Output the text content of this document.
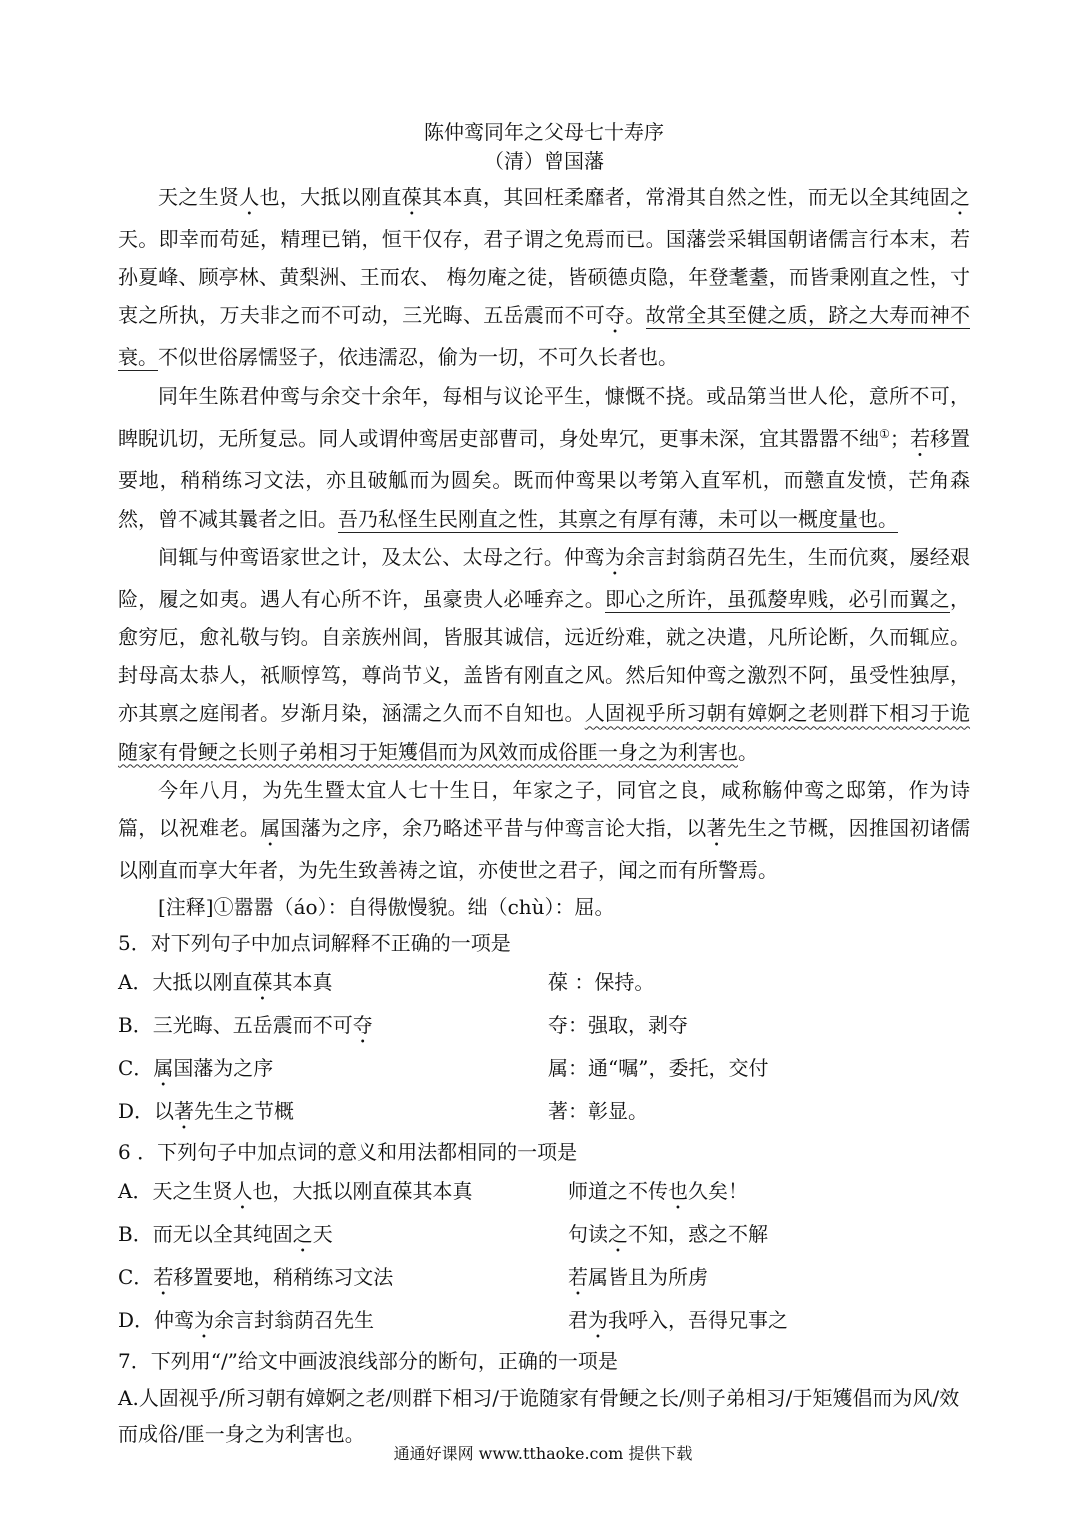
陈仲鸾同年之父母七十寿序
（清）曾国藩

天之生贤人也，大抵以刚直葆其本真，其回枉柔靡者，常滑其自然之性，而无以全其纯固之天。即幸而苟延，精理已销，恒干仅存，君子谓之免焉而已。国藩尝采辑国朝诸儒言行本末，若孙夏峰、顾亭林、黄梨洲、王而农、 梅勿庵之徒，皆硕德贞隐，年登耄耋，而皆秉刚直之性，寸衷之所执，万夫非之而不可动，三光晦、五岳震而不可夺。故常全其至健之质，跻之大寿而神不衰。不似世俗孱懦竖子，依违濡忍，偷为一切，不可久长者也。

同年生陈君仲鸾与余交十余年，每相与议论平生，慷慨不挠。或品第当世人伦，意所不可，睥睨讥切，无所复忌。同人或谓仲鸾居吏部曹司，身处卑冗，更事未深，宜其嚣嚣不绌①；若移置要地，稍稍练习文法，亦且破觚而为圆矣。既而仲鸾果以考第入直军机，而戆直发愤，芒角森然，曾不减其曩者之旧。吾乃私怪生民刚直之性，其禀之有厚有薄，未可以一概度量也。

间辄与仲鸾语家世之计，及太公、太母之行。仲鸾为余言封翁荫召先生，生而伉爽，屡经艰险，履之如夷。遇人有心所不许，虽豪贵人必唾弃之。即心之所许，虽孤嫠卑贱，必引而翼之，愈穷厄，愈礼敬与钧。自亲族州闾，皆服其诚信，远近纷难，就之决遣，凡所论断，久而辄应。封母高太恭人，祇顺惇笃，尊尚节义，盖皆有刚直之风。然后知仲鸾之激烈不阿，虽受性独厚，亦其禀之庭闱者。岁渐月染，涵濡之久而不自知也。人固视乎所习朝有嫜婀之老则群下相习于诡随家有骨鲠之长则子弟相习于矩矱倡而为风效而成俗匪一身之为利害也。

今年八月，为先生暨太宜人七十生日，年家之子，同官之良，咸称觞仲鸾之邸第，作为诗篇，以祝难老。属国藩为之序，余乃略述平昔与仲鸾言论大指，以著先生之节概，因推国初诸儒以刚直而享大年者，为先生致善祷之谊，亦使世之君子，闻之而有所警焉。

[注释]①嚣嚣（áo）：自得傲慢貌。绌（chù）：屈。

5．对下列句子中加点词解释不正确的一项是

A．大抵以刚直葆其本真	葆 ：保持。
B．三光晦、五岳震而不可夺	夺：强取，剥夺
C．属国藩为之序	属：通“嘱”，委托，交付
D．以著先生之节概	著：彰显。

6 ．下列句子中加点词的意义和用法都相同的一项是

A．天之生贤人也，大抵以刚直葆其本真	师道之不传也久矣！
B．而无以全其纯固之天	句读之不知，惑之不解
C．若移置要地，稍稍练习文法	若属皆且为所虏
D．仲鸾为余言封翁荫召先生	君为我呼入，吾得兄事之

7．下列用“/”给文中画波浪线部分的断句，正确的一项是

A.人固视乎/所习朝有嫜婀之老/则群下相习/于诡随家有骨鲠之长/则子弟相习/于矩矱倡而为风/效而成俗/匪一身之为利害也。

通通好课网 www.tthaoke.com 提供下载
